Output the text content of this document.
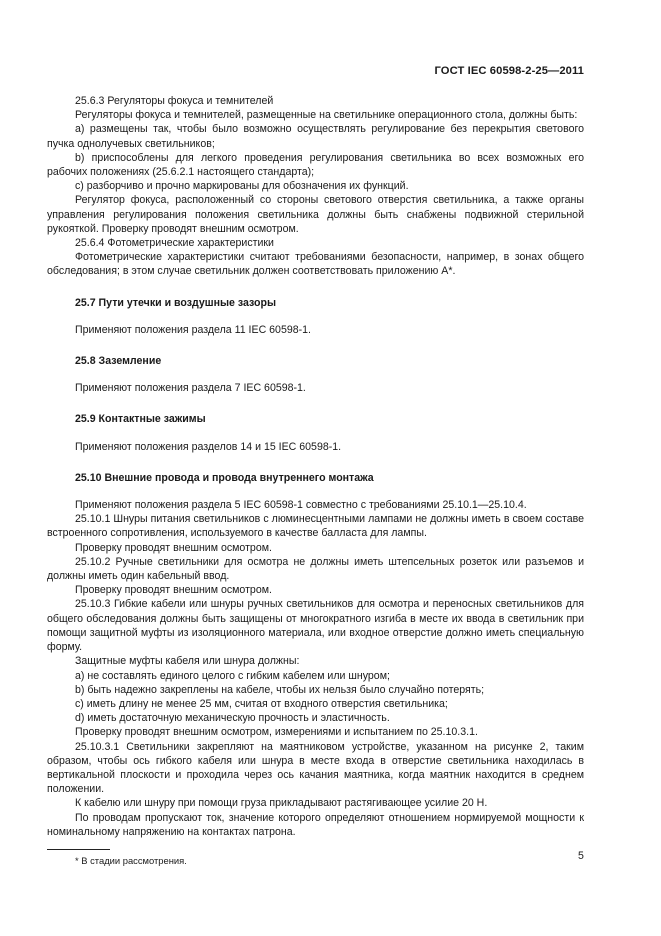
ГОСТ IEC 60598-2-25—2011

25.6.3 Регуляторы фокуса и темнителей

Регуляторы фокуса и темнителей, размещенные на светильнике операционного стола, должны быть:

a) размещены так, чтобы было возможно осуществлять регулирование без перекрытия светового пучка однолучевых светильников;

b) приспособлены для легкого проведения регулирования светильника во всех возможных его рабочих положениях (25.6.2.1 настоящего стандарта);

c) разборчиво и прочно маркированы для обозначения их функций.

Регулятор фокуса, расположенный со стороны светового отверстия светильника, а также органы управления регулирования положения светильника должны быть снабжены подвижной стерильной рукояткой. Проверку проводят внешним осмотром.

25.6.4 Фотометрические характеристики

Фотометрические характеристики считают требованиями безопасности, например, в зонах общего обследования; в этом случае светильник должен соответствовать приложению А*.

25.7 Пути утечки и воздушные зазоры

Применяют положения раздела 11 IEC 60598-1.

25.8 Заземление

Применяют положения раздела 7 IEC 60598-1.

25.9 Контактные зажимы

Применяют положения разделов 14 и 15 IEC 60598-1.

25.10 Внешние провода и провода внутреннего монтажа

Применяют положения раздела 5 IEC 60598-1 совместно с требованиями 25.10.1—25.10.4.

25.10.1 Шнуры питания светильников с люминесцентными лампами не должны иметь в своем составе встроенного сопротивления, используемого в качестве балласта для лампы.

Проверку проводят внешним осмотром.

25.10.2 Ручные светильники для осмотра не должны иметь штепсельных розеток или разъемов и должны иметь один кабельный ввод.

Проверку проводят внешним осмотром.

25.10.3 Гибкие кабели или шнуры ручных светильников для осмотра и переносных светильников для общего обследования должны быть защищены от многократного изгиба в месте их ввода в светильник при помощи защитной муфты из изоляционного материала, или входное отверстие должно иметь специальную форму.

Защитные муфты кабеля или шнура должны:

a) не составлять единого целого с гибким кабелем или шнуром;

b) быть надежно закреплены на кабеле, чтобы их нельзя было случайно потерять;

c) иметь длину не менее 25 мм, считая от входного отверстия светильника;

d) иметь достаточную механическую прочность и эластичность.

Проверку проводят внешним осмотром, измерениями и испытанием по 25.10.3.1.

25.10.3.1 Светильники закрепляют на маятниковом устройстве, указанном на рисунке 2, таким образом, чтобы ось гибкого кабеля или шнура в месте входа в отверстие светильника находилась в вертикальной плоскости и проходила через ось качания маятника, когда маятник находится в среднем положении.

К кабелю или шнуру при помощи груза прикладывают растягивающее усилие 20 Н.

По проводам пропускают ток, значение которого определяют отношением нормируемой мощности к номинальному напряжению на контактах патрона.

* В стадии рассмотрения.	5
